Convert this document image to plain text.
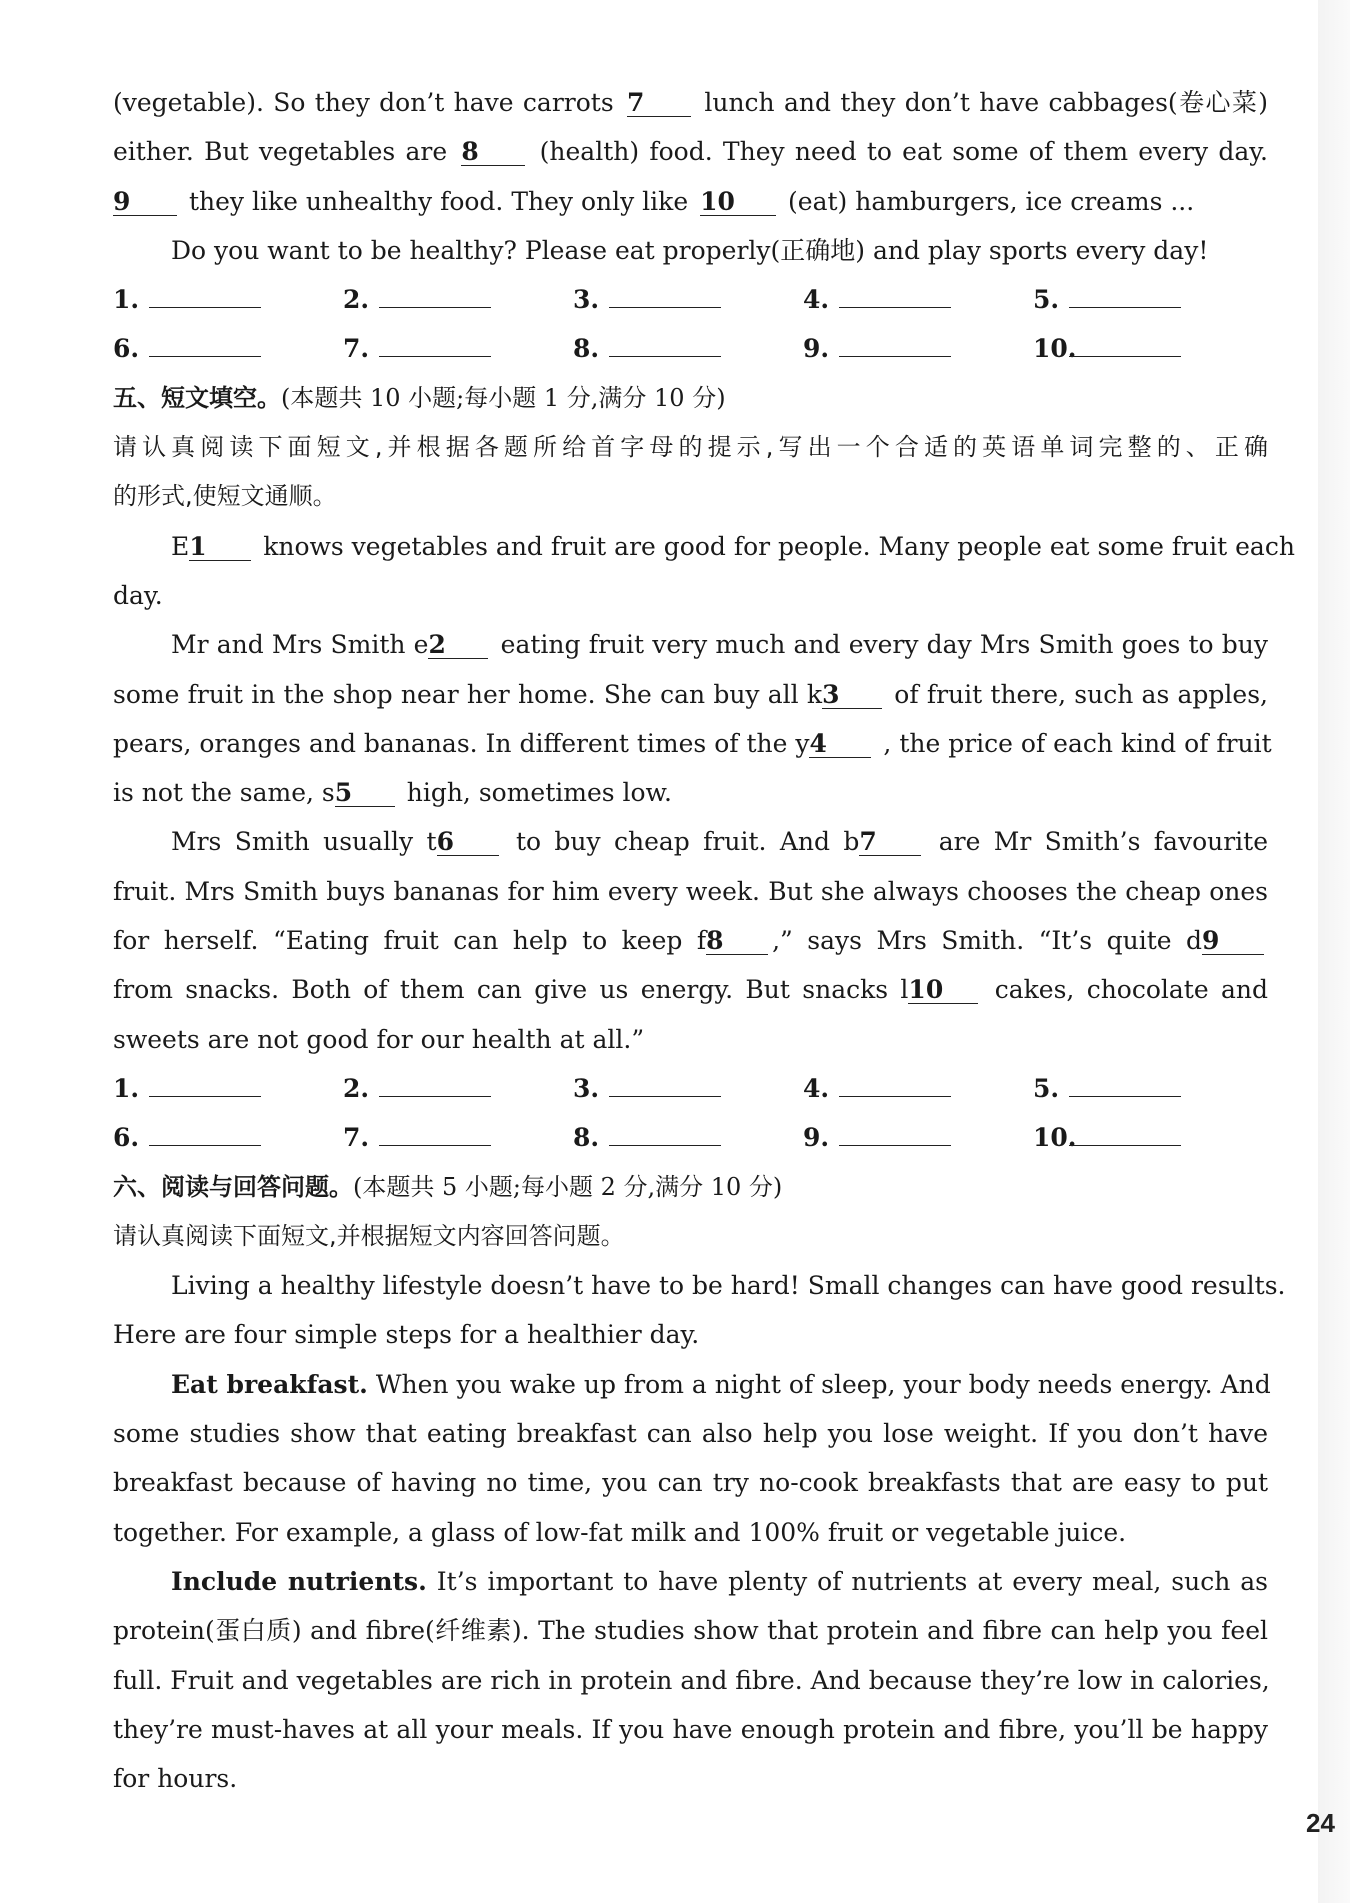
(vegetable). So they don’t have carrots 7 lunch and they don’t have cabbages(卷心菜)
either. But vegetables are 8 (health) food. They need to eat some of them every day.
9 they like unhealthy food. They only like 10 (eat) hamburgers, ice creams ...
Do you want to be healthy? Please eat properly(正确地) and play sports every day!
1.	2.	3.	4.	5.
6.	7.	8.	9.	10.
五、短文填空。(本题共 10 小题;每小题 1 分,满分 10 分)
请认真阅读下面短文,并根据各题所给首字母的提示,写出一个合适的英语单词完整的、正确
的形式,使短文通顺。
E1 knows vegetables and fruit are good for people. Many people eat some fruit each
day.
Mr and Mrs Smith e2 eating fruit very much and every day Mrs Smith goes to buy
some fruit in the shop near her home. She can buy all k3 of fruit there, such as apples,
pears, oranges and bananas. In different times of the y4 , the price of each kind of fruit
is not the same, s5 high, sometimes low.
Mrs Smith usually t6 to buy cheap fruit. And b7 are Mr Smith’s favourite
fruit. Mrs Smith buys bananas for him every week. But she always chooses the cheap ones
for herself. “Eating fruit can help to keep f8 ,” says Mrs Smith. “It’s quite d9
from snacks. Both of them can give us energy. But snacks l10 cakes, chocolate and
sweets are not good for our health at all.”
1.	2.	3.	4.	5.
6.	7.	8.	9.	10.
六、阅读与回答问题。(本题共 5 小题;每小题 2 分,满分 10 分)
请认真阅读下面短文,并根据短文内容回答问题。
Living a healthy lifestyle doesn’t have to be hard! Small changes can have good results.
Here are four simple steps for a healthier day.
Eat breakfast. When you wake up from a night of sleep, your body needs energy. And
some studies show that eating breakfast can also help you lose weight. If you don’t have
breakfast because of having no time, you can try no-cook breakfasts that are easy to put
together. For example, a glass of low-fat milk and 100% fruit or vegetable juice.
Include nutrients. It’s important to have plenty of nutrients at every meal, such as
protein(蛋白质) and fibre(纤维素). The studies show that protein and fibre can help you feel
full. Fruit and vegetables are rich in protein and fibre. And because they’re low in calories,
they’re must-haves at all your meals. If you have enough protein and fibre, you’ll be happy
for hours.
24
